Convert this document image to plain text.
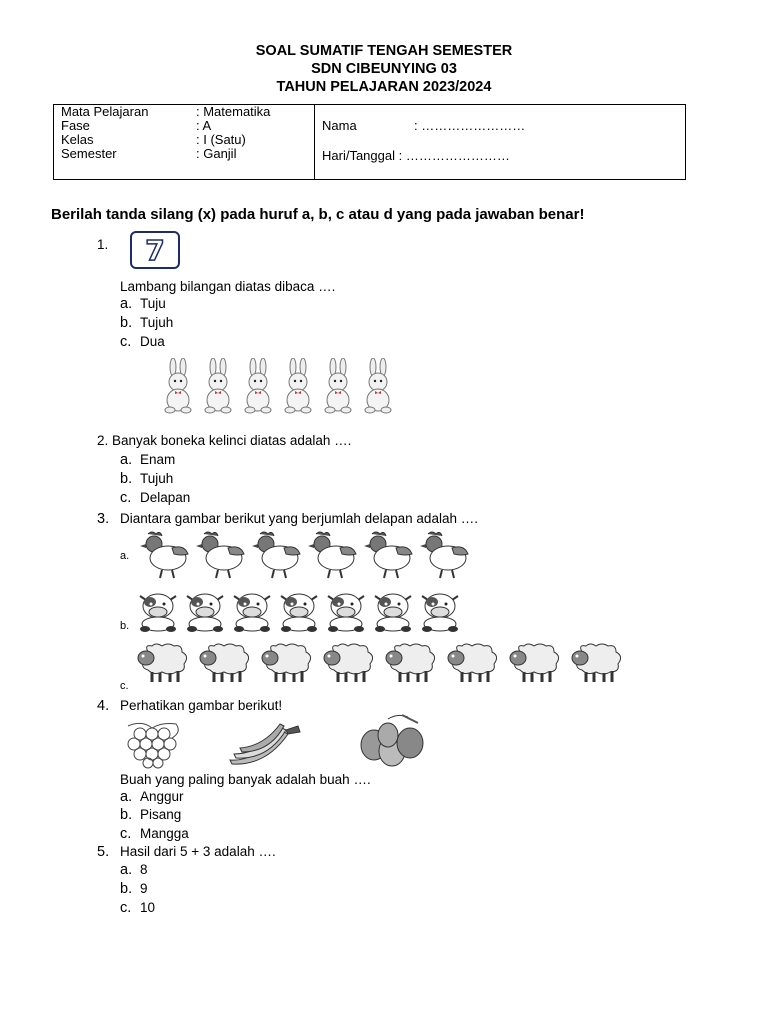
SOAL SUMATIF TENGAH SEMESTER
SDN CIBEUNYING 03
TAHUN PELAJARAN 2023/2024
Mata Pelajaran	: Matematika
Fase	: A
Kelas	: I (Satu)
Semester	: Ganjil

Nama	: ……………………
Hari/Tanggal : ……………………
Berilah tanda silang (x) pada huruf a, b, c atau d yang pada jawaban benar!
1. 7
Lambang bilangan diatas dibaca ….
a. Tuju
b. Tujuh
c. Dua
2. Banyak boneka kelinci diatas adalah ….
a. Enam
b. Tujuh
c. Delapan
3. Diantara gambar berikut yang berjumlah delapan adalah ….
a.
b.
c.
4. Perhatikan gambar berikut!
Buah yang paling banyak adalah buah ….
a. Anggur
b. Pisang
c. Mangga
5. Hasil dari 5 + 3 adalah ….
a. 8
b. 9
c. 10
